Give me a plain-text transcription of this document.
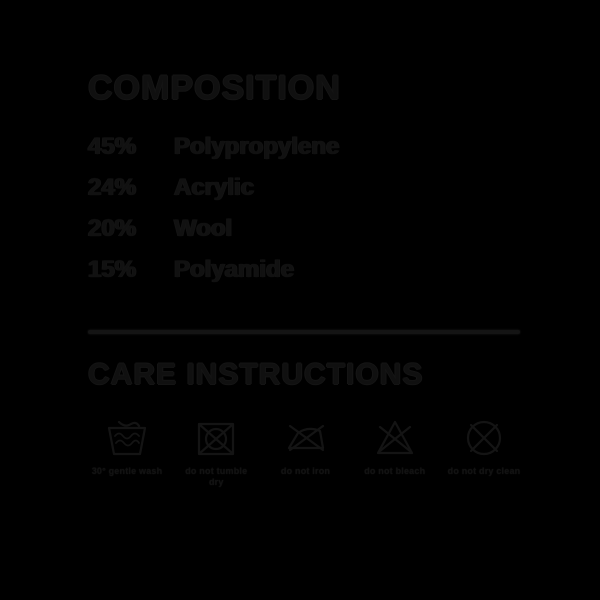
COMPOSITION
45%	Polypropylene
24%	Acrylic
20%	Wool
15%	Polyamide
CARE INSTRUCTIONS
30° gentle wash	do not tumble dry
do not iron	do not bleach do not dry clean
